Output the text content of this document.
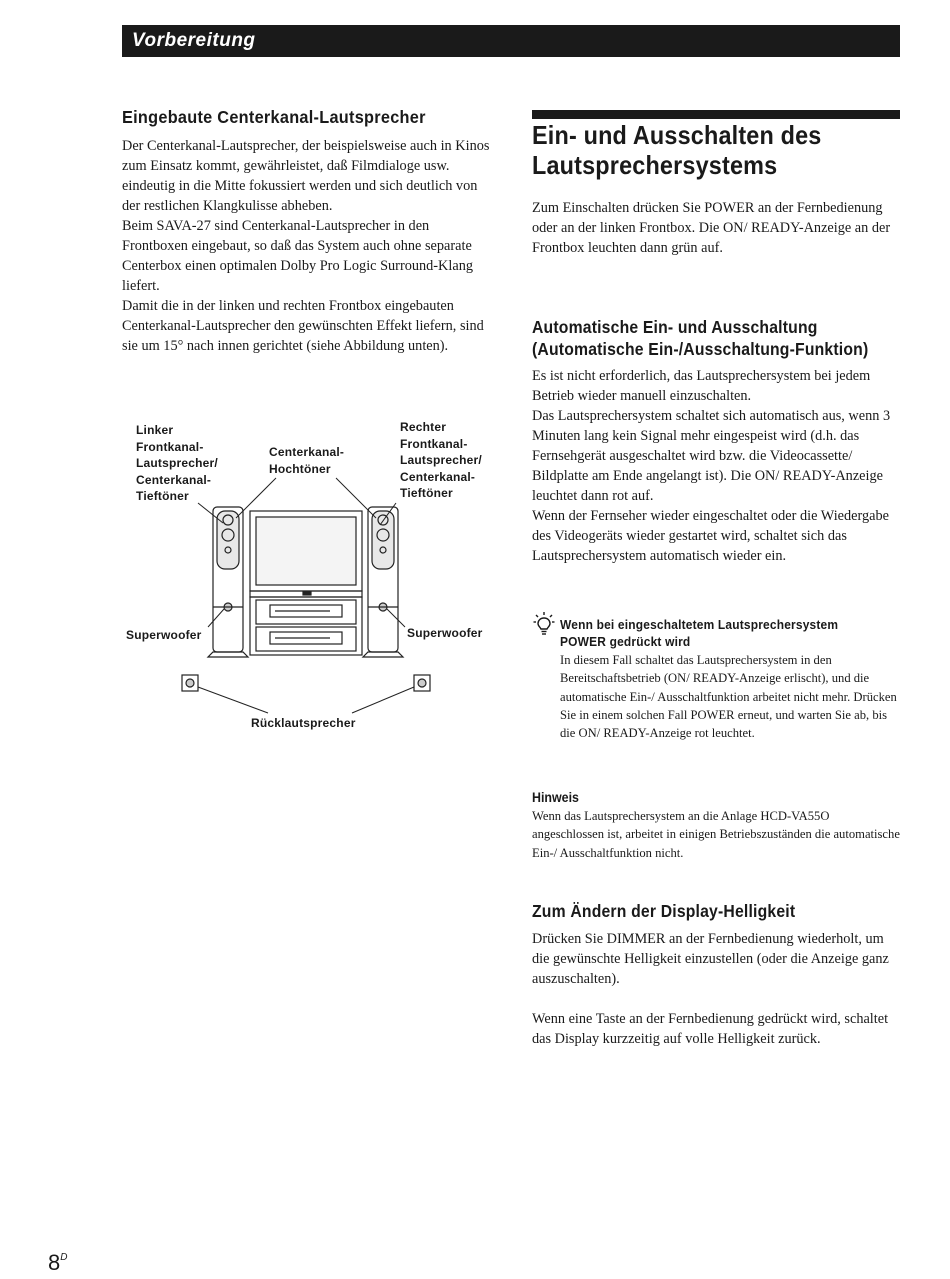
Vorbereitung
Eingebaute Centerkanal-Lautsprecher

Der Centerkanal-Lautsprecher, der beispielsweise auch in Kinos zum Einsatz kommt, gewährleistet, daß Filmdialoge usw. eindeutig in die Mitte fokussiert werden und sich deutlich von der restlichen Klangkulisse abheben.

Beim SAVA-27 sind Centerkanal-Lautsprecher in den Frontboxen eingebaut, so daß das System auch ohne separate Centerbox einen optimalen Dolby Pro Logic Surround-Klang liefert.

Damit die in der linken und rechten Frontbox eingebauten Centerkanal-Lautsprecher den gewünschten Effekt liefern, sind sie um 15° nach innen gerichtet (siehe Abbildung unten).

Linker
Frontkanal-
Lautsprecher/
Centerkanal-
Tieftöner
Centerkanal-
Hochtöner
Rechter
Frontkanal-
Lautsprecher/
Centerkanal-
Tieftöner
Superwoofer	Superwoofer
Rücklautsprecher
Ein- und Ausschalten des
Lautsprechersystems
Zum Einschalten drücken Sie POWER an der Fernbedienung oder an der linken Frontbox. Die ON/ READY-Anzeige an der Frontbox leuchten dann grün auf.
Automatische Ein- und Ausschaltung
(Automatische Ein-/Ausschaltung-Funktion)

Es ist nicht erforderlich, das Lautsprechersystem bei jedem Betrieb wieder manuell einzuschalten.

Das Lautsprechersystem schaltet sich automatisch aus, wenn 3 Minuten lang kein Signal mehr eingespeist wird (d.h. das Fernsehgerät ausgeschaltet wird bzw. die Videocassette/ Bildplatte am Ende angelangt ist). Die ON/ READY-Anzeige leuchtet dann rot auf.

Wenn der Fernseher wieder eingeschaltet oder die Wiedergabe des Videogeräts wieder gestartet wird, schaltet sich das Lautsprechersystem automatisch wieder ein.

Wenn bei eingeschaltetem Lautsprechersystem
POWER gedrückt wird
In diesem Fall schaltet das Lautsprechersystem in den Bereitschaftsbetrieb (ON/ READY-Anzeige erlischt), und die automatische Ein-/ Ausschaltfunktion arbeitet nicht mehr. Drücken Sie in einem solchen Fall POWER erneut, und warten Sie ab, bis die ON/ READY-Anzeige rot leuchtet.
Hinweis
Wenn das Lautsprechersystem an die Anlage HCD-VA55O angeschlossen ist, arbeitet in einigen Betriebszuständen die automatische Ein-/ Ausschaltfunktion nicht.
Zum Ändern der Display-Helligkeit
Drücken Sie DIMMER an der Fernbedienung wiederholt, um die gewünschte Helligkeit einzustellen (oder die Anzeige ganz auszuschalten).
Wenn eine Taste an der Fernbedienung gedrückt wird, schaltet das Display kurzzeitig auf volle Helligkeit zurück.
$8^D$
